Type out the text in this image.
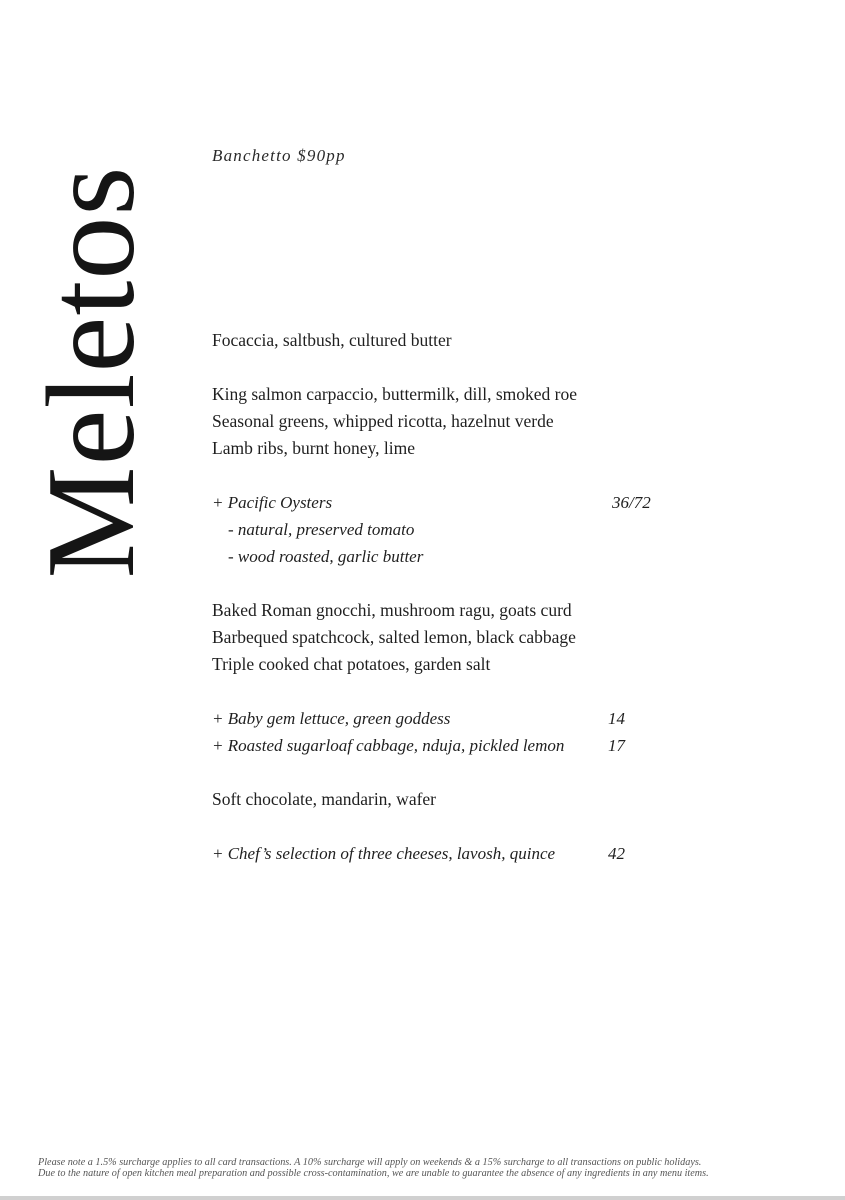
Meletos
Banchetto $90pp
Focaccia, saltbush, cultured butter
King salmon carpaccio, buttermilk, dill, smoked roe
Seasonal greens, whipped ricotta, hazelnut verde
Lamb ribs, burnt honey, lime
+ Pacific Oysters	36/72
- natural, preserved tomato
- wood roasted, garlic butter
Baked Roman gnocchi, mushroom ragu, goats curd
Barbequed spatchcock, salted lemon, black cabbage
Triple cooked chat potatoes, garden salt
+ Baby gem lettuce, green goddess	14
+ Roasted sugarloaf cabbage, nduja, pickled lemon	17
Soft chocolate, mandarin, wafer
+ Chef’s selection of three cheeses, lavosh, quince	42
Please note a 1.5% surcharge applies to all card transactions. A 10% surcharge will apply on weekends & a 15% surcharge to all transactions on public holidays.
Due to the nature of open kitchen meal preparation and possible cross-contamination, we are unable to guarantee the absence of any ingredients in any menu items.
